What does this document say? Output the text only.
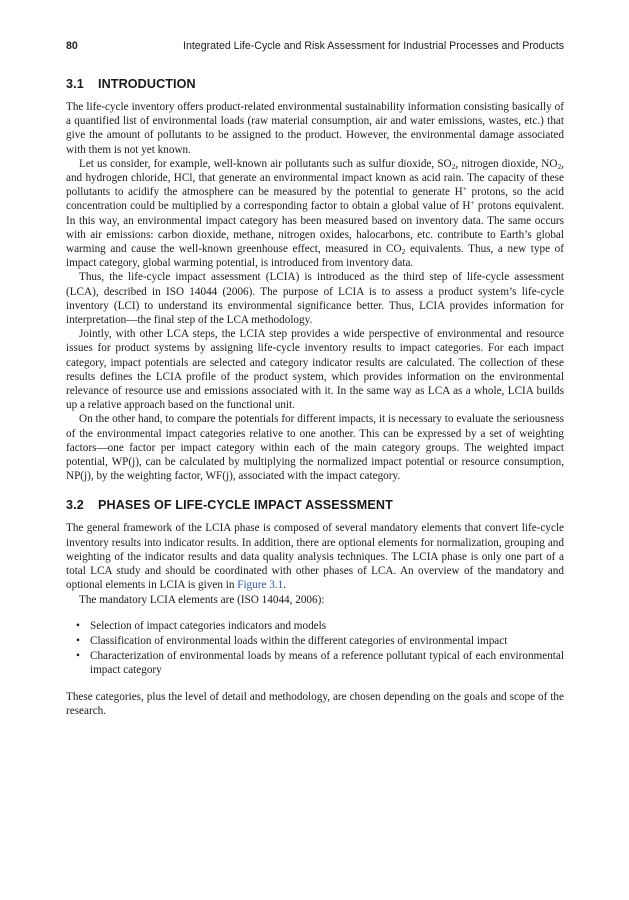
80	Integrated Life-Cycle and Risk Assessment for Industrial Processes and Products
3.1 INTRODUCTION

The life-cycle inventory offers product-related environmental sustainability information consisting basically of a quantified list of environmental loads (raw material consumption, air and water emissions, wastes, etc.) that give the amount of pollutants to be assigned to the product. However, the environmental damage associated with them is not yet known.

Let us consider, for example, well-known air pollutants such as sulfur dioxide, $SO_2$, nitrogen dioxide, $NO_2$, and hydrogen chloride, HCl, that generate an environmental impact known as acid rain. The capacity of these pollutants to acidify the atmosphere can be measured by the potential to generate H+ protons, so the acid concentration could be multiplied by a corresponding factor to obtain a global value of H+ protons equivalent. In this way, an environmental impact category has been measured based on inventory data. The same occurs with air emissions: carbon dioxide, methane, nitrogen oxides, halocarbons, etc. contribute to Earth’s global warming and cause the well-known greenhouse effect, measured in $CO_2$ equivalents. Thus, a new type of impact category, global warming potential, is introduced from inventory data.

Thus, the life-cycle impact assessment (LCIA) is introduced as the third step of life-cycle assessment (LCA), described in ISO 14044 (2006). The purpose of LCIA is to assess a product system’s life-cycle inventory (LCI) to understand its environmental significance better. Thus, LCIA provides information for interpretation—the final step of the LCA methodology.

Jointly, with other LCA steps, the LCIA step provides a wide perspective of environmental and resource issues for product systems by assigning life-cycle inventory results to impact categories. For each impact category, impact potentials are selected and category indicator results are calculated. The collection of these results defines the LCIA profile of the product system, which provides information on the environmental relevance of resource use and emissions associated with it. In the same way as LCA as a whole, LCIA builds up a relative approach based on the functional unit.

On the other hand, to compare the potentials for different impacts, it is necessary to evaluate the seriousness of the environmental impact categories relative to one another. This can be expressed by a set of weighting factors—one factor per impact category within each of the main category groups. The weighted impact potential, WP(j), can be calculated by multiplying the normalized impact potential or resource consumption, NP(j), by the weighting factor, WF(j), associated with the impact category.

3.2 PHASES OF LIFE-CYCLE IMPACT ASSESSMENT

The general framework of the LCIA phase is composed of several mandatory elements that convert life-cycle inventory results into indicator results. In addition, there are optional elements for normalization, grouping and weighting of the indicator results and data quality analysis techniques. The LCIA phase is only one part of a total LCA study and should be coordinated with other phases of LCA. An overview of the mandatory and optional elements in LCIA is given in Figure 3.1.

The mandatory LCIA elements are (ISO 14044, 2006):

• Selection of impact categories indicators and models
• Classification of environmental loads within the different categories of environmental impact
• Characterization of environmental loads by means of a reference pollutant typical of each environmental impact category

These categories, plus the level of detail and methodology, are chosen depending on the goals and scope of the research.
